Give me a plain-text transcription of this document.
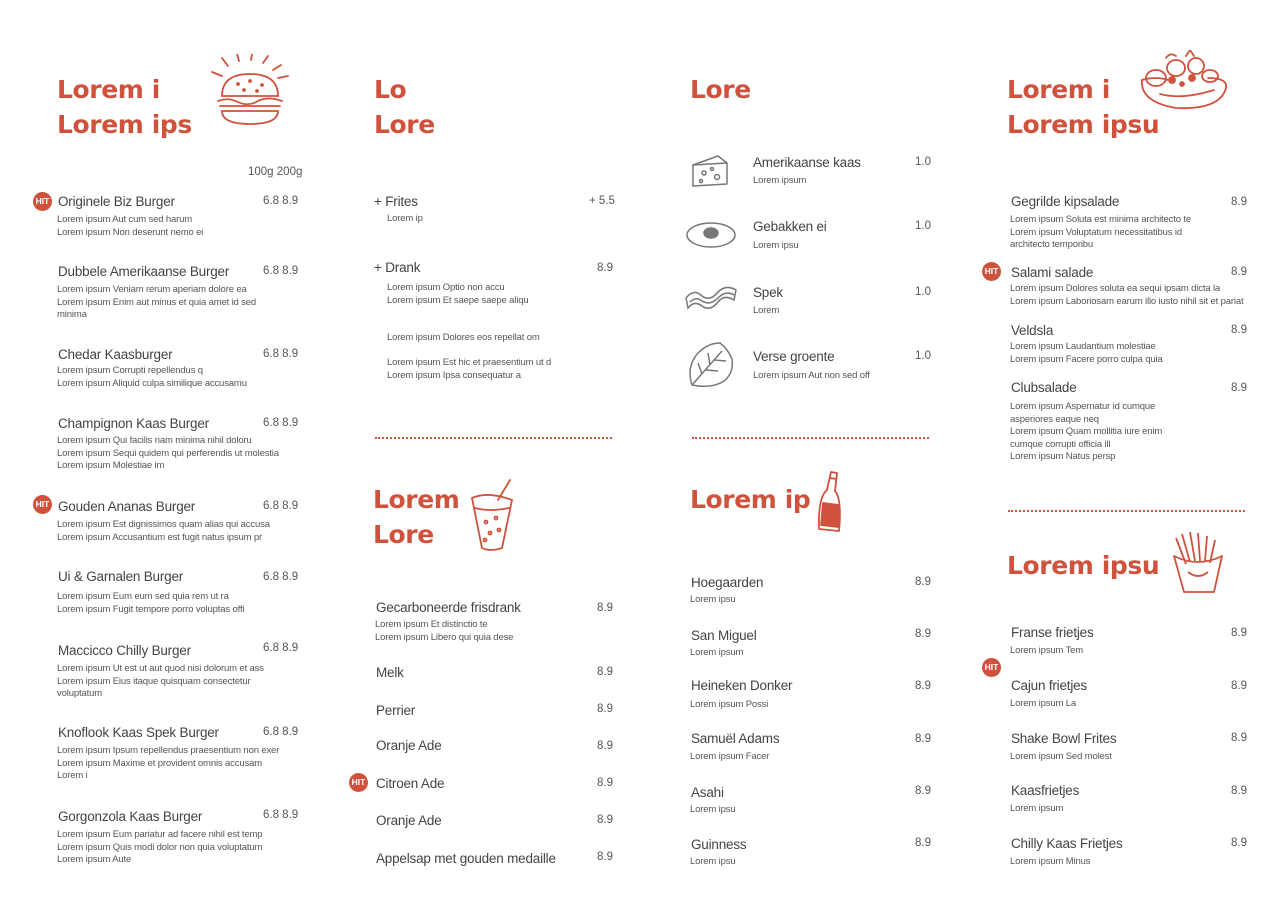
Lorem i
Lorem ips
100g 200g
HIT Originele Biz Burger	6.8 8.9
Lorem ipsum Aut cum sed harum
Lorem ipsum Non deserunt nemo ei
Dubbele Amerikaanse Burger	6.8 8.9
Lorem ipsum Veniam rerum aperiam dolore ea
Lorem ipsum Enim aut minus et quia amet id sed
minima
Chedar Kaasburger	6.8 8.9
Lorem ipsum Corrupti repellendus q
Lorem ipsum Aliquid culpa similique accusamu
Champignon Kaas Burger	6.8 8.9
Lorem ipsum Qui facilis nam minima nihil doloru
Lorem ipsum Sequi quidem qui perferendis ut molestia
Lorem ipsum Molestiae im
HIT Gouden Ananas Burger	6.8 8.9
Lorem ipsum Est dignissimos quam alias qui accusa
Lorem ipsum Accusantium est fugit natus ipsum pr
Ui & Garnalen Burger	6.8 8.9
Lorem ipsum Eum eum sed quia rem ut ra
Lorem ipsum Fugit tempore porro voluptas offi
Maccicco Chilly Burger	6.8 8.9
Lorem ipsum Ut est ut aut quod nisi dolorum et ass
Lorem ipsum Eius itaque quisquam consectetur
voluptatum
Knoflook Kaas Spek Burger	6.8 8.9
Lorem ipsum Ipsum repellendus praesentium non exer
Lorem ipsum Maxime et provident omnis accusam
Lorem i
Gorgonzola Kaas Burger	6.8 8.9
Lorem ipsum Eum pariatur ad facere nihil est temp
Lorem ipsum Quis modi dolor non quia voluptatum
Lorem ipsum Aute
Lo
Lore
+ Frites	+ 5.5
Lorem ip
+ Drank	8.9
Lorem ipsum Optio non accu
Lorem ipsum Et saepe saepe aliqu
Lorem ipsum Dolores eos repellat om
Lorem ipsum Est hic et praesentium ut d
Lorem ipsum Ipsa consequatur a
Lorem
Lore
Gecarboneerde frisdrank	8.9
Lorem ipsum Et distinctio te
Lorem ipsum Libero qui quia dese
Melk	8.9
Perrier	8.9
Oranje Ade	8.9
HIT Citroen Ade	8.9
Oranje Ade	8.9
Appelsap met gouden medaille	8.9
Lore
Amerikaanse kaas	1.0
Lorem ipsum
Gebakken ei	1.0
Lorem ipsu
Spek	1.0
Lorem
Verse groente	1.0
Lorem ipsum Aut non sed off
Lorem ip
Hoegaarden	8.9
Lorem ipsu
San Miguel	8.9
Lorem ipsum
Heineken Donker	8.9
Lorem ipsum Possi
Samuël Adams	8.9
Lorem ipsum Facer
Asahi	8.9
Lorem ipsu
Guinness	8.9
Lorem ipsu
Lorem i
Lorem ipsu
Gegrilde kipsalade	8.9
Lorem ipsum Soluta est minima architecto te
Lorem ipsum Voluptatum necessitatibus id
architecto temporibu
HIT Salami salade	8.9
Lorem ipsum Dolores soluta ea sequi ipsam dicta la
Lorem ipsum Laboriosam earum illo iusto nihil sit et pariat
Veldsla	8.9
Lorem ipsum Laudantium molestiae
Lorem ipsum Facere porro culpa quia
Clubsalade	8.9
Lorem ipsum Aspernatur id cumque
asperiores eaque neq
Lorem ipsum Quam mollitia iure enim
cumque corrupti officia ill
Lorem ipsum Natus persp
Lorem ipsu
Franse frietjes	8.9
Lorem ipsum Tem
HIT
Cajun frietjes	8.9
Lorem ipsum La
Shake Bowl Frites	8.9
Lorem ipsum Sed molest
Kaasfrietjes	8.9
Lorem ipsum
Chilly Kaas Frietjes	8.9
Lorem ipsum Minus
